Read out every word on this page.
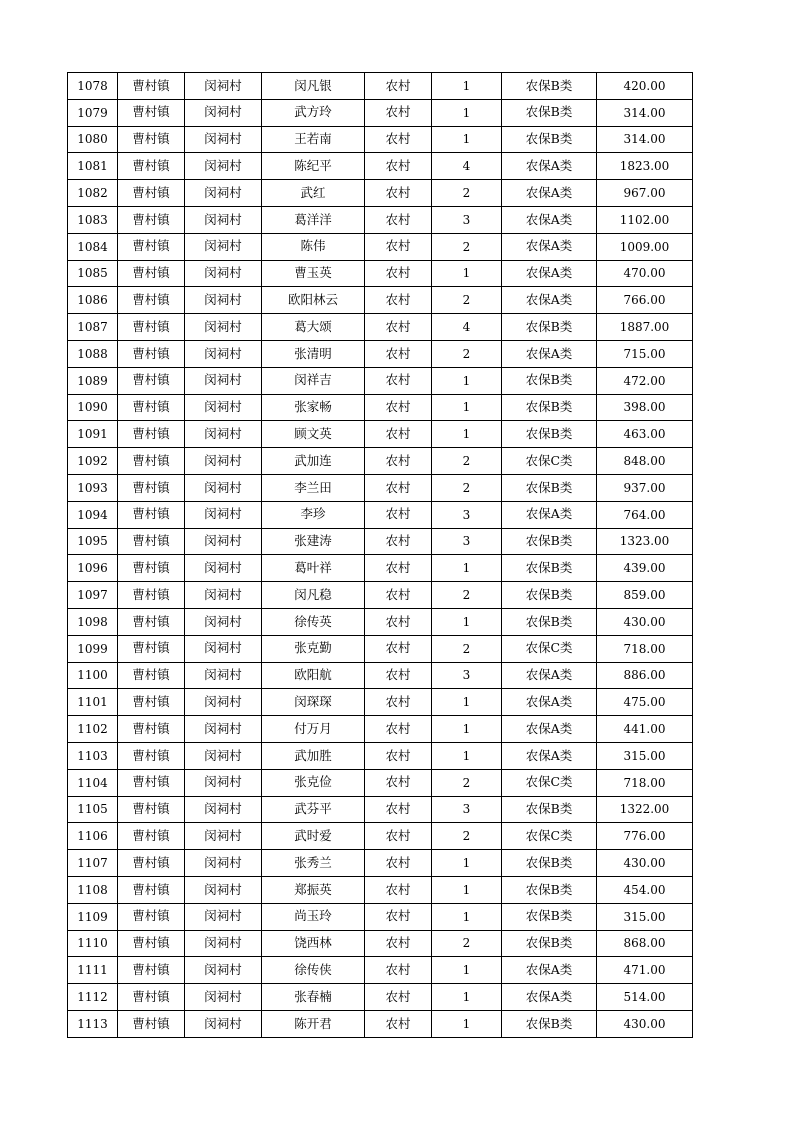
1078	曹村镇	闵祠村	闵凡银	农村	1	农保B类	420.00
1079	曹村镇	闵祠村	武方玲	农村	1	农保B类	314.00
1080	曹村镇	闵祠村	王若南	农村	1	农保B类	314.00
1081	曹村镇	闵祠村	陈纪平	农村	4	农保A类	1823.00
1082	曹村镇	闵祠村	武红	农村	2	农保A类	967.00
1083	曹村镇	闵祠村	葛洋洋	农村	3	农保A类	1102.00
1084	曹村镇	闵祠村	陈伟	农村	2	农保A类	1009.00
1085	曹村镇	闵祠村	曹玉英	农村	1	农保A类	470.00
1086	曹村镇	闵祠村	欧阳林云	农村	2	农保A类	766.00
1087	曹村镇	闵祠村	葛大颂	农村	4	农保B类	1887.00
1088	曹村镇	闵祠村	张清明	农村	2	农保A类	715.00
1089	曹村镇	闵祠村	闵祥吉	农村	1	农保B类	472.00
1090	曹村镇	闵祠村	张家畅	农村	1	农保B类	398.00
1091	曹村镇	闵祠村	顾文英	农村	1	农保B类	463.00
1092	曹村镇	闵祠村	武加连	农村	2	农保C类	848.00
1093	曹村镇	闵祠村	李兰田	农村	2	农保B类	937.00
1094	曹村镇	闵祠村	李珍	农村	3	农保A类	764.00
1095	曹村镇	闵祠村	张建涛	农村	3	农保B类	1323.00
1096	曹村镇	闵祠村	葛叶祥	农村	1	农保B类	439.00
1097	曹村镇	闵祠村	闵凡稳	农村	2	农保B类	859.00
1098	曹村镇	闵祠村	徐传英	农村	1	农保B类	430.00
1099	曹村镇	闵祠村	张克勤	农村	2	农保C类	718.00
1100	曹村镇	闵祠村	欧阳航	农村	3	农保A类	886.00
1101	曹村镇	闵祠村	闵琛琛	农村	1	农保A类	475.00
1102	曹村镇	闵祠村	付万月	农村	1	农保A类	441.00
1103	曹村镇	闵祠村	武加胜	农村	1	农保A类	315.00
1104	曹村镇	闵祠村	张克俭	农村	2	农保C类	718.00
1105	曹村镇	闵祠村	武芬平	农村	3	农保B类	1322.00
1106	曹村镇	闵祠村	武时爱	农村	2	农保C类	776.00
1107	曹村镇	闵祠村	张秀兰	农村	1	农保B类	430.00
1108	曹村镇	闵祠村	郑振英	农村	1	农保B类	454.00
1109	曹村镇	闵祠村	尚玉玲	农村	1	农保B类	315.00
1110	曹村镇	闵祠村	饶西林	农村	2	农保B类	868.00
1111	曹村镇	闵祠村	徐传侠	农村	1	农保A类	471.00
1112	曹村镇	闵祠村	张春楠	农村	1	农保A类	514.00
1113	曹村镇	闵祠村	陈开君	农村	1	农保B类	430.00
